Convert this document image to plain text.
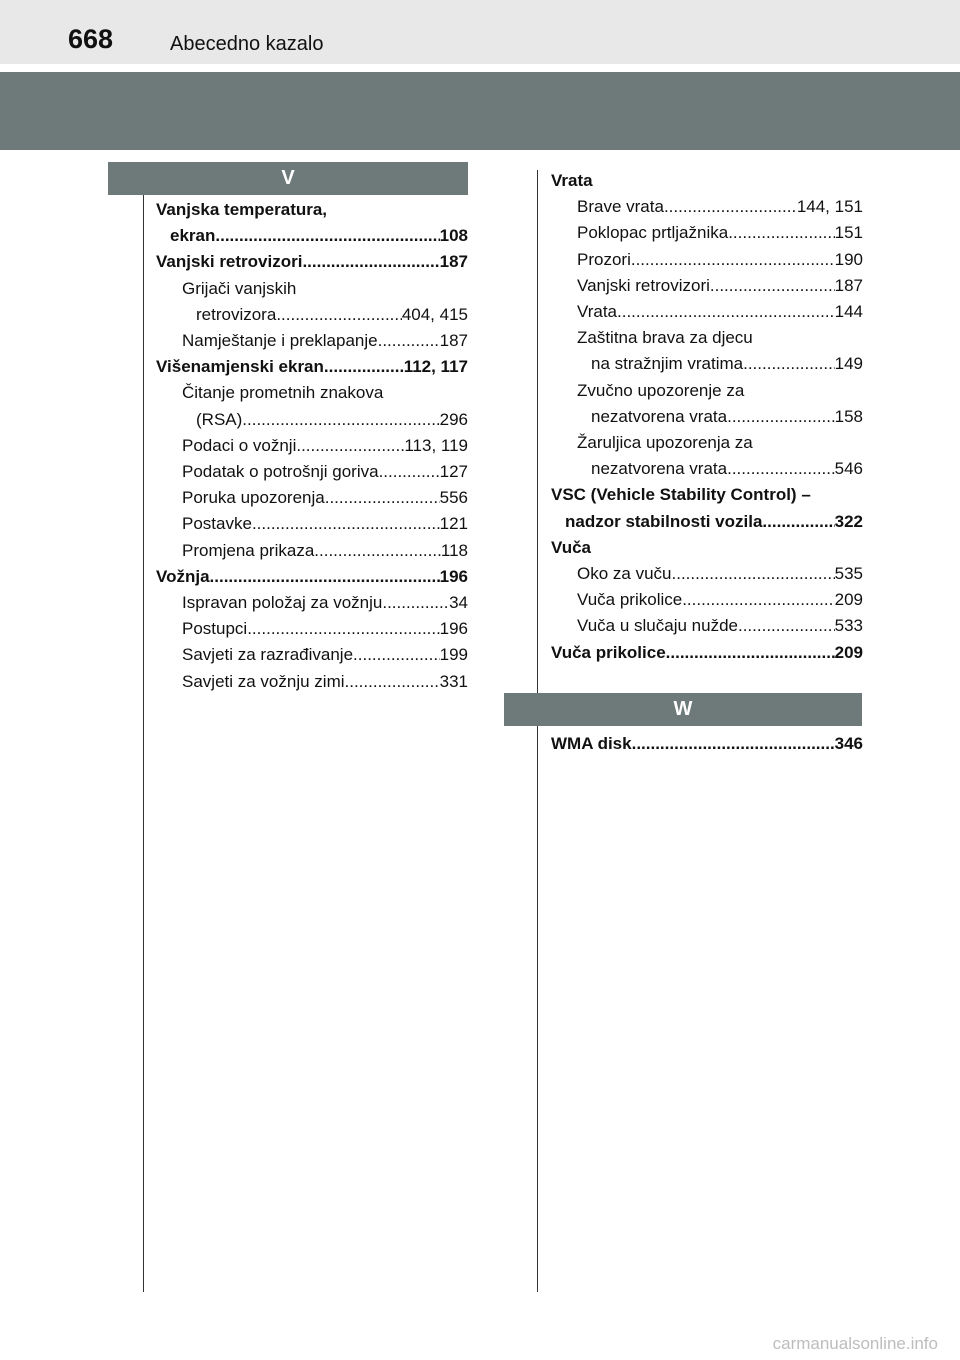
668	Abecedno kazalo
Vanjska temperatura,
ekran .....	108
Vanjski retrovizori .....	187
Grijači vanjskih
retrovizora .....	404, 415
Namještanje i preklapanje .....	187
Višenamjenski ekran .....	112, 117
Čitanje prometnih znakova
(RSA) .....	296
Podaci o vožnji .....	113, 119
Podatak o potrošnji goriva .....	127
Poruka upozorenja .....	556
Postavke .....	121
Promjena prikaza .....	118
Vožnja .....	196
Ispravan položaj za vožnju .....	34
Postupci .....	196
Savjeti za razrađivanje .....	199
Savjeti za vožnju zimi .....	331
V	Vrata
Brave vrata .....	144, 151
Poklopac prtljažnika .....	151
Prozori .....	190
Vanjski retrovizori .....	187
Vrata .....	144
Zaštitna brava za djecu
na stražnjim vratima .....	149
Zvučno upozorenje za
nezatvorena vrata .....	158
Žaruljica upozorenja za
nezatvorena vrata .....	546
VSC (Vehicle Stability Control) –
nadzor stabilnosti vozila .....	322
Vuča
Oko za vuču .....	535
Vuča prikolice .....	209
Vuča u slučaju nužde .....	533
Vuča prikolice .....	209
W
WMA disk .....	346
carmanualsonline.info
